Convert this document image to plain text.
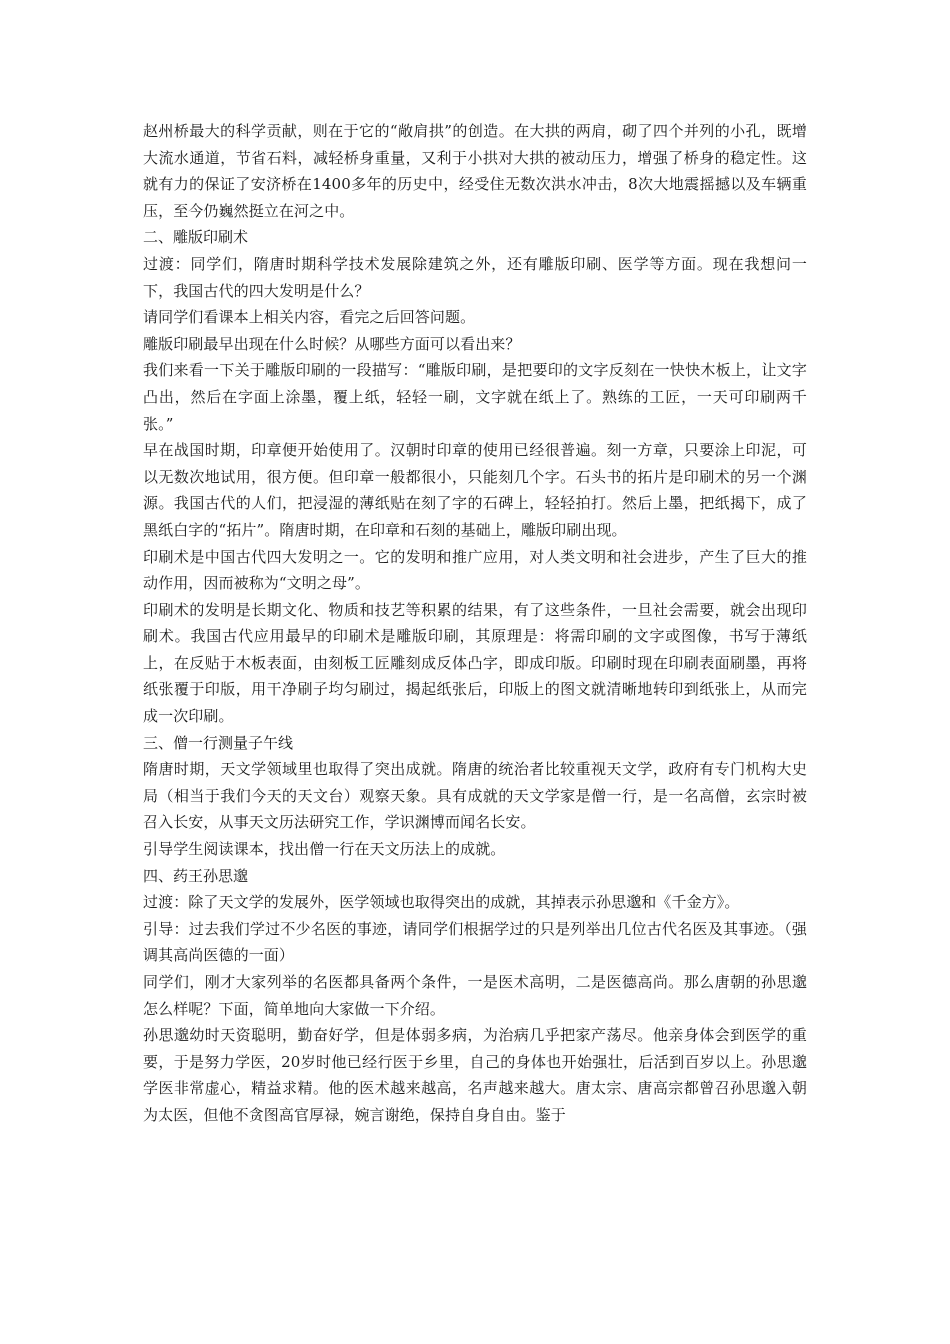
赵州桥最大的科学贡献，则在于它的“敞肩拱”的创造。在大拱的两肩，砌了四个并列的小孔，既增大流水通道，节省石料，减轻桥身重量，又利于小拱对大拱的被动压力，增强了桥身的稳定性。这就有力的保证了安济桥在1400多年的历史中，经受住无数次洪水冲击，8次大地震摇撼以及车辆重压，至今仍巍然挺立在河之中。

二、雕版印刷术

过渡：同学们，隋唐时期科学技术发展除建筑之外，还有雕版印刷、医学等方面。现在我想问一下，我国古代的四大发明是什么？

请同学们看课本上相关内容，看完之后回答问题。

雕版印刷最早出现在什么时候？从哪些方面可以看出来？

我们来看一下关于雕版印刷的一段描写：“雕版印刷，是把要印的文字反刻在一快快木板上，让文字凸出，然后在字面上涂墨，覆上纸，轻轻一刷，文字就在纸上了。熟练的工匠，一天可印刷两千张。”

早在战国时期，印章便开始使用了。汉朝时印章的使用已经很普遍。刻一方章，只要涂上印泥，可以无数次地试用，很方便。但印章一般都很小，只能刻几个字。石头书的拓片是印刷术的另一个渊源。我国古代的人们，把浸湿的薄纸贴在刻了字的石碑上，轻轻拍打。然后上墨，把纸揭下，成了黑纸白字的“拓片”。隋唐时期，在印章和石刻的基础上，雕版印刷出现。

印刷术是中国古代四大发明之一。它的发明和推广应用，对人类文明和社会进步，产生了巨大的推动作用，因而被称为“文明之母”。

印刷术的发明是长期文化、物质和技艺等积累的结果，有了这些条件，一旦社会需要，就会出现印刷术。我国古代应用最早的印刷术是雕版印刷，其原理是：将需印刷的文字或图像，书写于薄纸上，在反贴于木板表面，由刻板工匠雕刻成反体凸字，即成印版。印刷时现在印刷表面刷墨，再将纸张覆于印版，用干净刷子均匀刷过，揭起纸张后，印版上的图文就清晰地转印到纸张上，从而完成一次印刷。

三、僧一行测量子午线

隋唐时期，天文学领域里也取得了突出成就。隋唐的统治者比较重视天文学，政府有专门机构大史局（相当于我们今天的天文台）观察天象。具有成就的天文学家是僧一行，是一名高僧，玄宗时被召入长安，从事天文历法研究工作，学识渊博而闻名长安。

引导学生阅读课本，找出僧一行在天文历法上的成就。

四、药王孙思邈

过渡：除了天文学的发展外，医学领域也取得突出的成就，其掉表示孙思邈和《千金方》。

引导：过去我们学过不少名医的事迹，请同学们根据学过的只是列举出几位古代名医及其事迹。（强调其高尚医德的一面）

同学们，刚才大家列举的名医都具备两个条件，一是医术高明，二是医德高尚。那么唐朝的孙思邈怎么样呢？下面，简单地向大家做一下介绍。

孙思邈幼时天资聪明，勤奋好学，但是体弱多病，为治病几乎把家产荡尽。他亲身体会到医学的重要，于是努力学医，20岁时他已经行医于乡里，自己的身体也开始强壮，后活到百岁以上。孙思邈学医非常虚心，精益求精。他的医术越来越高，名声越来越大。唐太宗、唐高宗都曾召孙思邈入朝为太医，但他不贪图高官厚禄，婉言谢绝，保持自身自由。鉴于
